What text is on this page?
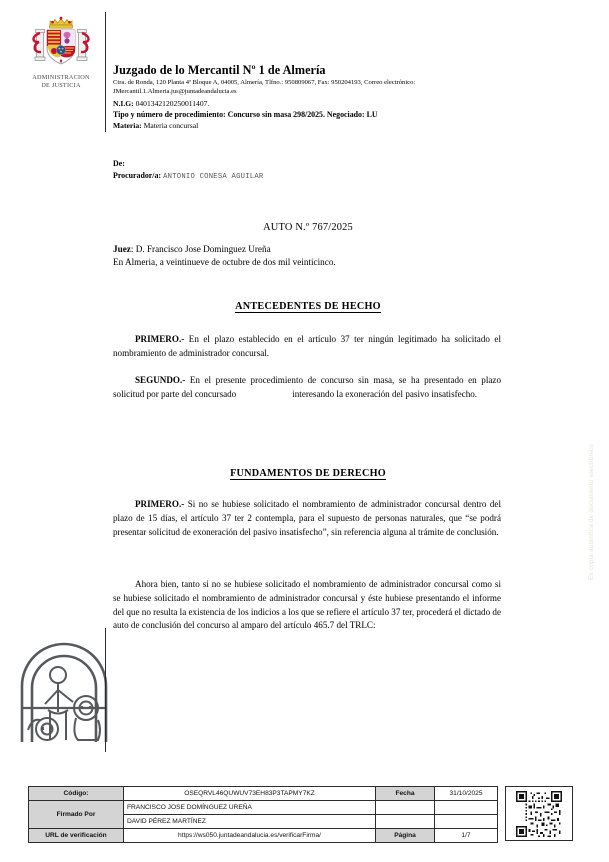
ADMINISTRACION
DE JUSTICIA

Juzgado de lo Mercantil Nº 1 de Almería

Ctra. de Ronda, 120 Planta 4ª Bloque A, 04005, Almería, Tlfno.: 950809067, Fax: 950204193, Correo electrónico:

JMercantil.1.Almeria.jus@juntadeandalucia.es

N.I.G: 0401342120250011407.

Tipo y número de procedimiento: Concurso sin masa 298/2025. Negociado: LU

Materia: Materia concursal

De:

Procurador/a: ANTONIO CONESA AGUILAR

AUTO N.º 767/2025
Juez: D. Francisco Jose Dominguez Ureña
En Almeria, a veintinueve de octubre de dos mil veinticinco.
ANTECEDENTES DE HECHO

PRIMERO.- En el plazo establecido en el artículo 37 ter ningún legitimado ha solicitado el nombramiento de administrador concursal.

SEGUNDO.- En el presente procedimiento de concurso sin masa, se ha presentado en plazo solicitud por parte del concursado	interesando la exoneración del pasivo insatisfecho.

FUNDAMENTOS DE DERECHO

PRIMERO.- Si no se hubiese solicitado el nombramiento de administrador concursal dentro del plazo de 15 días, el artículo 37 ter 2 contempla, para el supuesto de personas naturales, que “se podrá presentar solicitud de exoneración del pasivo insatisfecho”, sin referencia alguna al trámite de conclusión.

Ahora bien, tanto si no se hubiese solicitado el nombramiento de administrador concursal como si se hubiese solicitado el nombramiento de administrador concursal y éste hubiese presentando el informe del que no resulta la existencia de los indicios a los que se refiere el artículo 37 ter, procederá el dictado de auto de conclusión del concurso al amparo del artículo 465.7 del TRLC:

Es copia auténtica de documento electrónico
Código:	OSEQRVL46QUWUV73EH83P3TAPMY7KZ	Fecha	31/10/2025
Firmado Por	FRANCISCO JOSE DOMÍNGUEZ UREÑA		
	DAVID PÉREZ MARTÍNEZ		
URL de verificación	https://ws050.juntadeandalucia.es/verificarFirma/	Página	1/7
